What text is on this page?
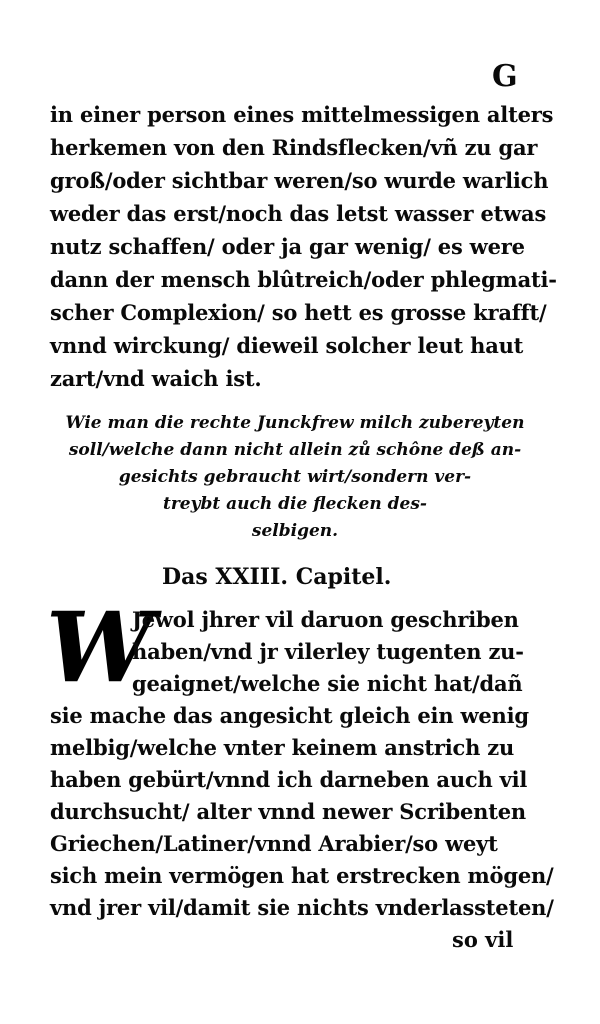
G
in einer person eines mittelmessigen alters
herkemen von den Rindsflecken/vñ zu gar
groß/oder sichtbar weren/so wurde warlich
weder das erst/noch das letst wasser etwas
nutz schaffen/ oder ja gar wenig/ es were
dann der mensch blûtreich/oder phlegmati-
scher Complexion/ so hett es grosse krafft/
vnnd wirckung/ dieweil solcher leut haut
zart/vnd waich ist.
Wie man die rechte Junckfrew milch zubereyten
soll/welche dann nicht allein zů schône deß an-
gesichts gebraucht wirt/sondern ver-
treybt auch die flecken des-
selbigen.
Das XXIII. Capitel.
W
Jewol jhrer vil daruon geschriben
haben/vnd jr vilerley tugenten zu-
geaignet/welche sie nicht hat/dañ
sie mache das angesicht gleich ein wenig
melbig/welche vnter keinem anstrich zu
haben gebürt/vnnd ich darneben auch vil
durchsucht/ alter vnnd newer Scribenten
Griechen/Latiner/vnnd Arabier/so weyt
sich mein vermögen hat erstrecken mögen/
vnd jrer vil/damit sie nichts vnderlassteten/
so vil
